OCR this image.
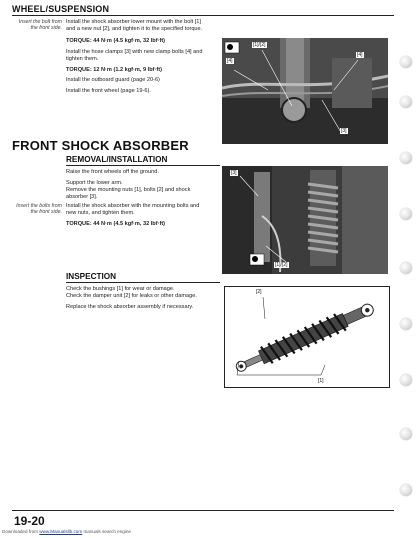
WHEEL/SUSPENSION
Insert the bolt from
the front side.
Install the shock absorber lower mount with the bolt [1]
and a new nut [2], and tighten it to the specified torque.
TORQUE: 44 N·m (4.5 kgf·m, 32 lbf·ft)
Install the hose clamps [3] with new clamp bolts [4] and
tighten them.
TORQUE: 12 N·m (1.2 kgf·m, 9 lbf·ft)
Install the outboard guard (page 20-6)
Install the front wheel (page 19-6).
[1]/[2]
[4]
[4]
[3]
FRONT SHOCK ABSORBER
REMOVAL/INSTALLATION
Raise the front wheels off the ground.
Support the lower arm.
Remove the mounting nuts [1], bolts [2] and shock
absorber [3].
Insert the bolts from
the front side.
Install the shock absorber with the mounting bolts and
new nuts, and tighten them.
TORQUE: 44 N·m (4.5 kgf·m, 32 lbf·ft)
[3]
[1]/[2]
INSPECTION
Check the bushings [1] for wear or damage.
Check the damper unit [2] for leaks or other damage.
Replace the shock absorber assembly if necessary.
[2]
[1]
19-20
Downloaded from www.Manualslib.com manuals search engine
